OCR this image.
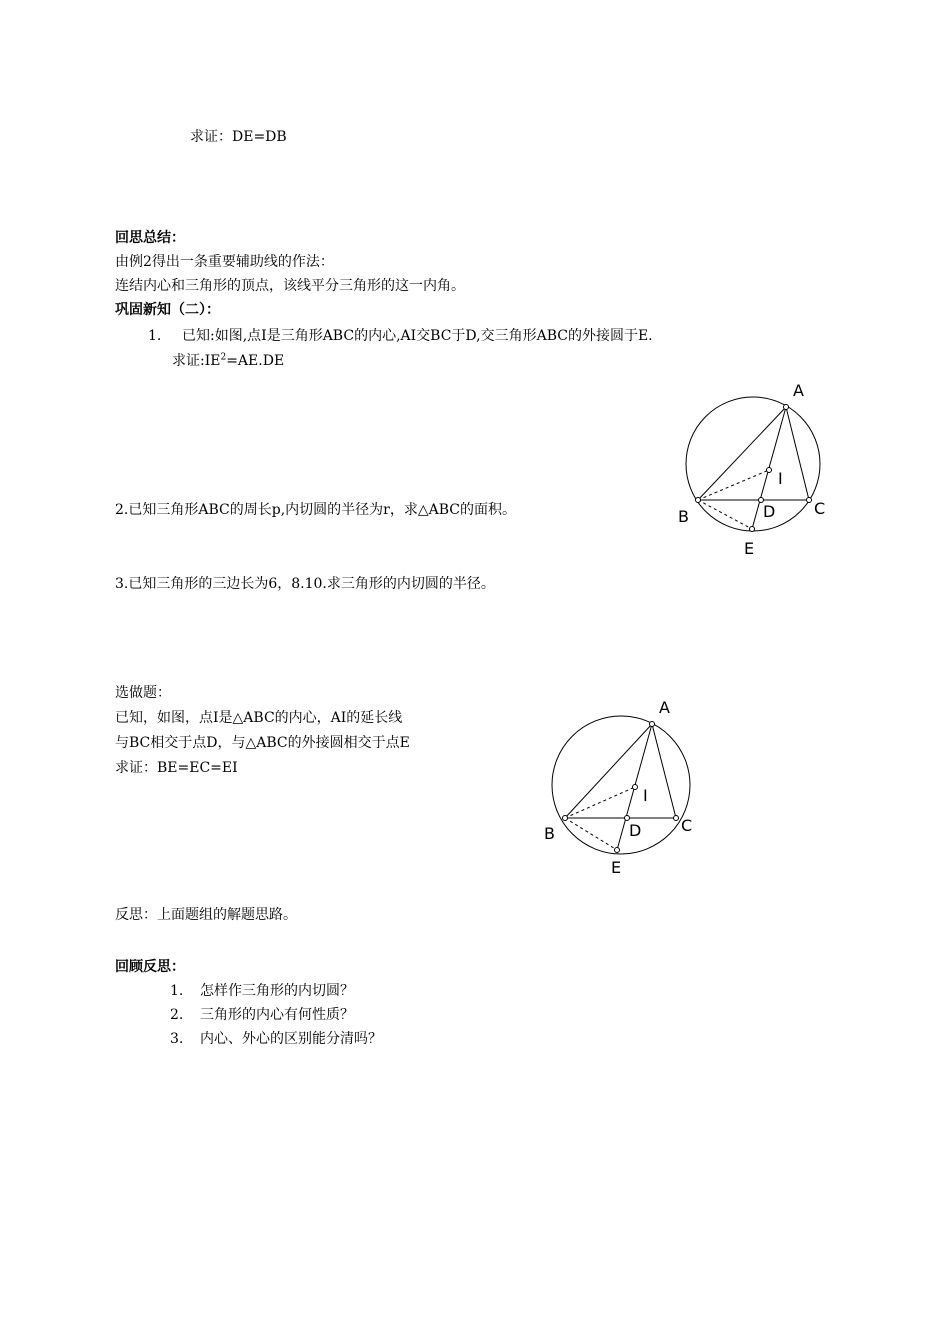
求证：DE=DB
回思总结：
由例2得出一条重要辅助线的作法：
连结内心和三角形的顶点，该线平分三角形的这一内角。
巩固新知（二）：
1. 已知:如图,点I是三角形ABC的内心,AI交BC于D,交三角形ABC的外接圆于E.
求证$:IE^2=AE.DE$
2.已知三角形ABC的周长p,内切圆的半径为r，求△ABC的面积。
3.已知三角形的三边长为6，8.10.求三角形的内切圆的半径。
A
I
B	D C
E
选做题：
已知，如图，点I是△ABC的内心，AI的延长线
与BC相交于点D，与△ABC的外接圆相交于点E
求证：BE=EC=EI
A
I
B	D C
E
反思：上面题组的解题思路。
回顾反思：
1. 怎样作三角形的内切圆？
2. 三角形的内心有何性质？
3. 内心、外心的区别能分清吗？
